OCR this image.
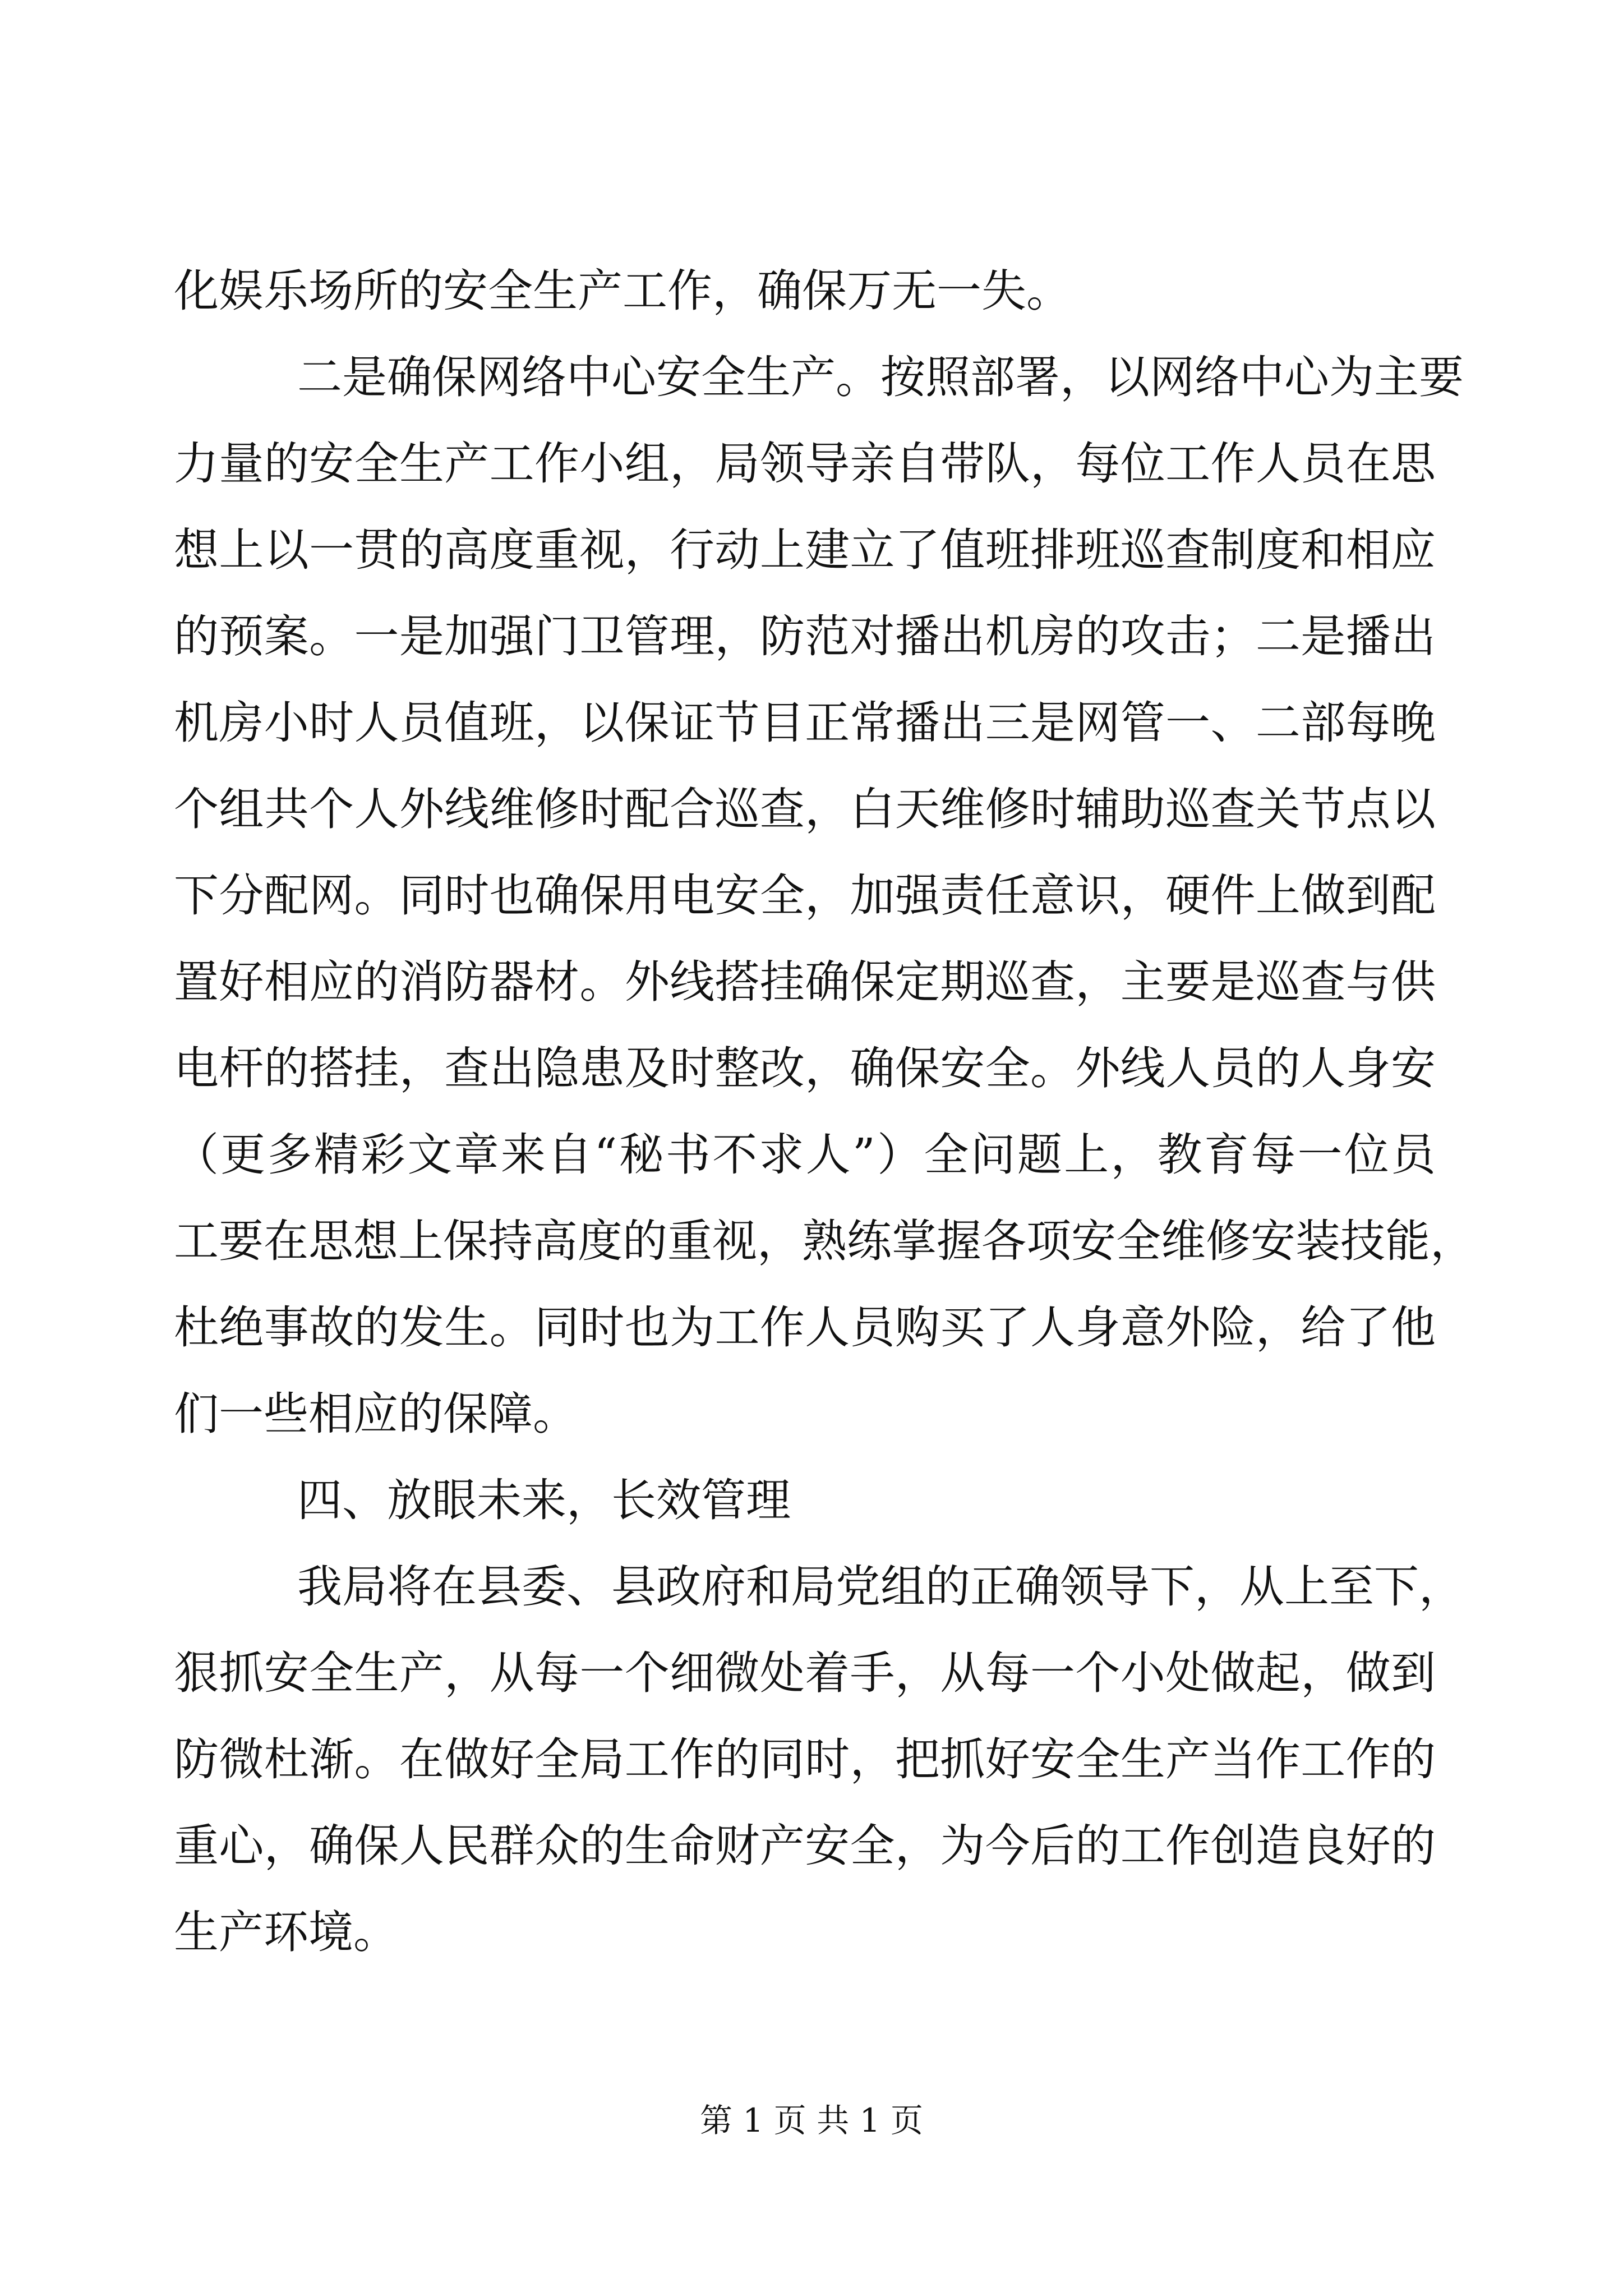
化娱乐场所的安全生产工作，确保万无一失。
二是确保网络中心安全生产。按照部署，以网络中心为主要
力量的安全生产工作小组，局领导亲自带队，每位工作人员在思
想上以一贯的高度重视，行动上建立了值班排班巡查制度和相应
的预案。一是加强门卫管理，防范对播出机房的攻击；二是播出
机房小时人员值班，以保证节目正常播出三是网管一、二部每晚
个组共个人外线维修时配合巡查，白天维修时辅助巡查关节点以
下分配网。同时也确保用电安全，加强责任意识，硬件上做到配
置好相应的消防器材。外线搭挂确保定期巡查，主要是巡查与供
电杆的搭挂，查出隐患及时整改，确保安全。外线人员的人身安
（更多精彩文章来自“秘书不求人”）全问题上，教育每一位员
工要在思想上保持高度的重视，熟练掌握各项安全维修安装技能，
杜绝事故的发生。同时也为工作人员购买了人身意外险，给了他
们一些相应的保障。
四、放眼未来，长效管理
我局将在县委、县政府和局党组的正确领导下，从上至下，
狠抓安全生产，从每一个细微处着手，从每一个小处做起，做到
防微杜渐。在做好全局工作的同时，把抓好安全生产当作工作的
重心，确保人民群众的生命财产安全，为今后的工作创造良好的
生产环境。
第 1 页 共 1 页
